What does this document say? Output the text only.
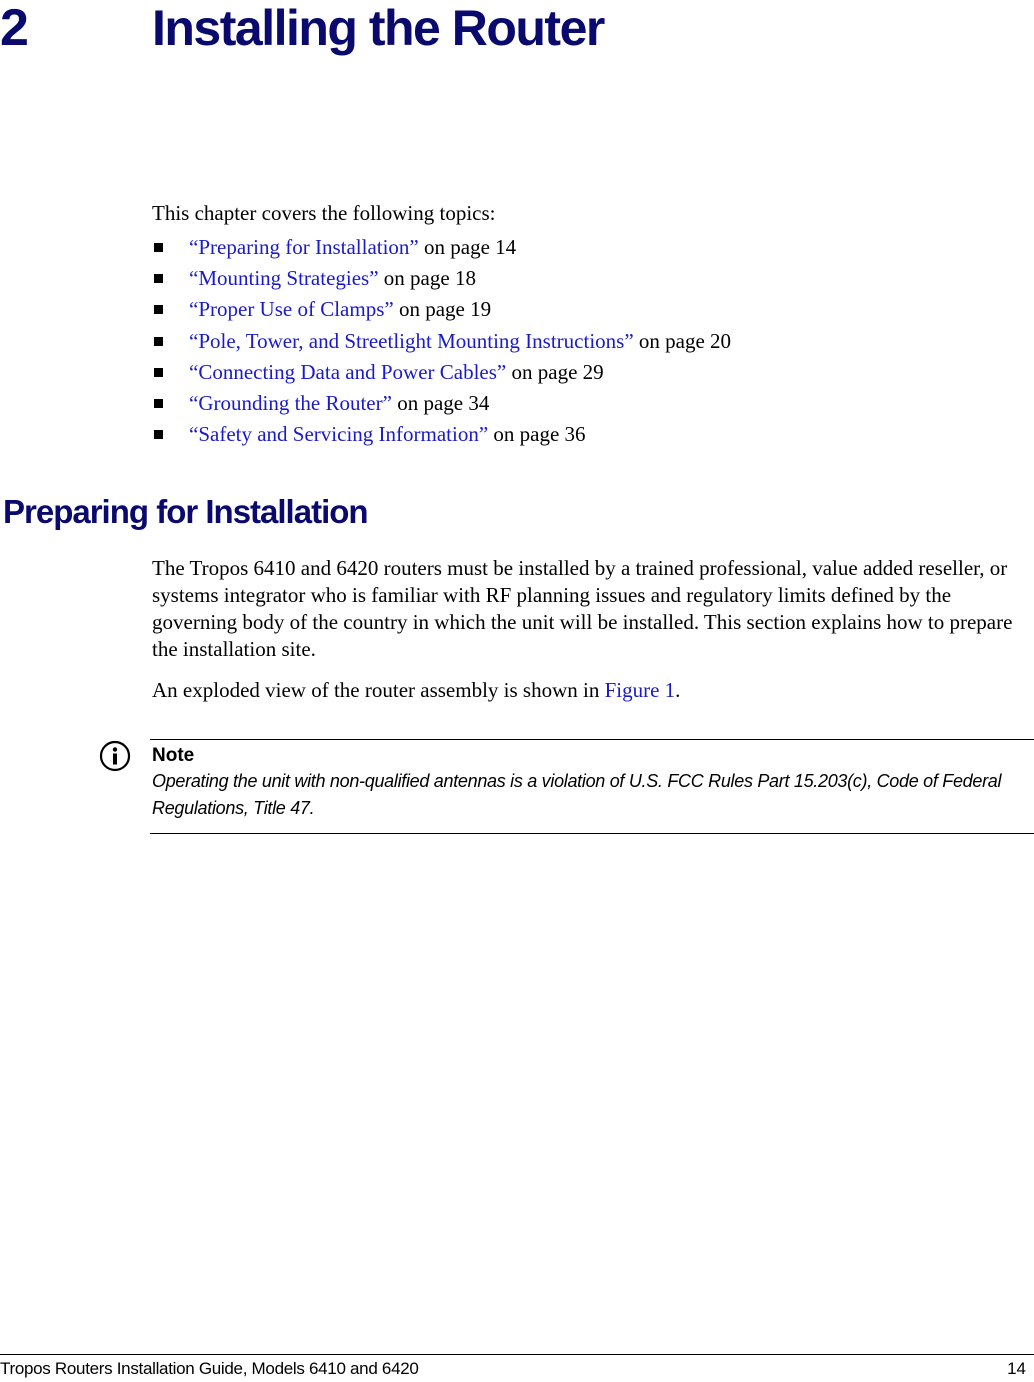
2 Installing the Router

This chapter covers the following topics:

“Preparing for Installation” on page 14
“Mounting Strategies” on page 18
“Proper Use of Clamps” on page 19
“Pole, Tower, and Streetlight Mounting Instructions” on page 20
“Connecting Data and Power Cables” on page 29
“Grounding the Router” on page 34
“Safety and Servicing Information” on page 36
Preparing for Installation

The Tropos 6410 and 6420 routers must be installed by a trained professional, value added reseller, or systems integrator who is familiar with RF planning issues and regulatory limits defined by the governing body of the country in which the unit will be installed. This section explains how to prepare the installation site.

An exploded view of the router assembly is shown in Figure 1.

Note

Operating the unit with non-qualified antennas is a violation of U.S. FCC Rules Part 15.203(c), Code of Federal Regulations, Title 47.

Tropos Routers Installation Guide, Models 6410 and 6420	14
